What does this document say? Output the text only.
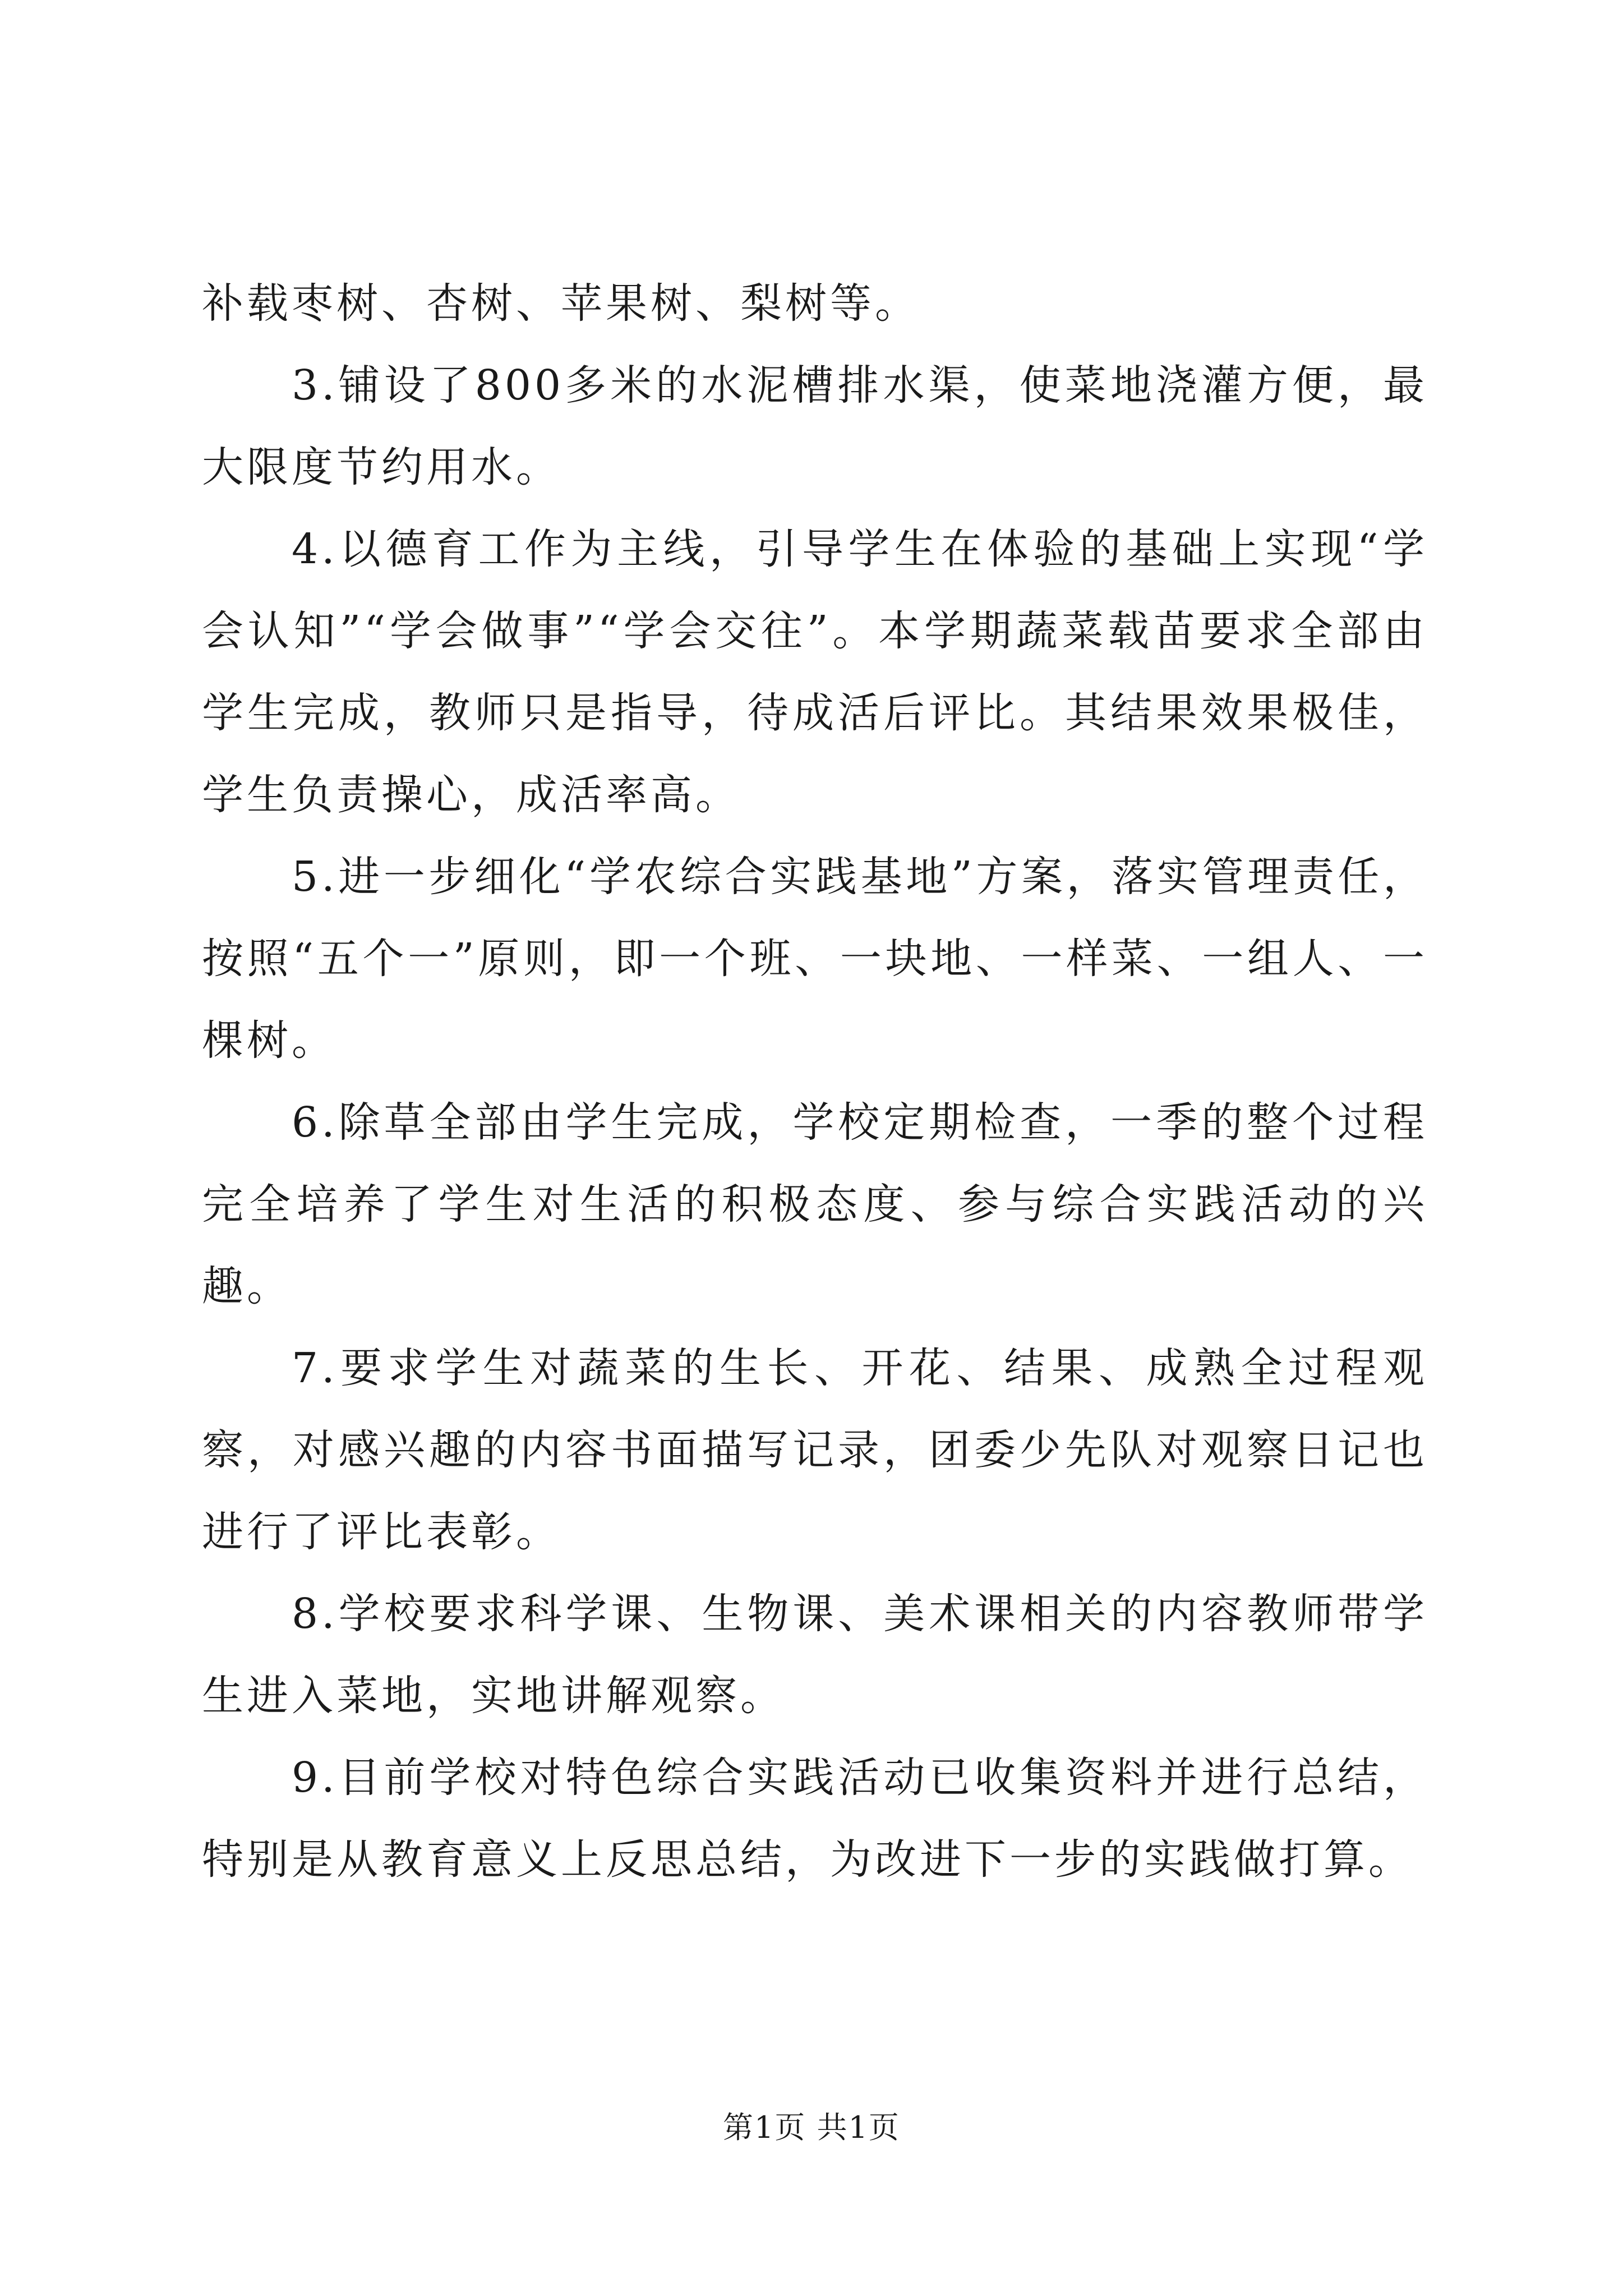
补载枣树、杏树、苹果树、梨树等。

3.铺设了800多米的水泥槽排水渠，使菜地浇灌方便，最大限度节约用水。

4.以德育工作为主线，引导学生在体验的基础上实现“学会认知”“学会做事”“学会交往”。本学期蔬菜载苗要求全部由学生完成，教师只是指导，待成活后评比。其结果效果极佳，学生负责操心，成活率高。

5.进一步细化“学农综合实践基地”方案，落实管理责任，按照“五个一”原则，即一个班、一块地、一样菜、一组人、一棵树。

6.除草全部由学生完成，学校定期检查，一季的整个过程完全培养了学生对生活的积极态度、参与综合实践活动的兴趣。

7.要求学生对蔬菜的生长、开花、结果、成熟全过程观察，对感兴趣的内容书面描写记录，团委少先队对观察日记也进行了评比表彰。

8.学校要求科学课、生物课、美术课相关的内容教师带学生进入菜地，实地讲解观察。

9.目前学校对特色综合实践活动已收集资料并进行总结，特别是从教育意义上反思总结，为改进下一步的实践做打算。

第1页 共1页
